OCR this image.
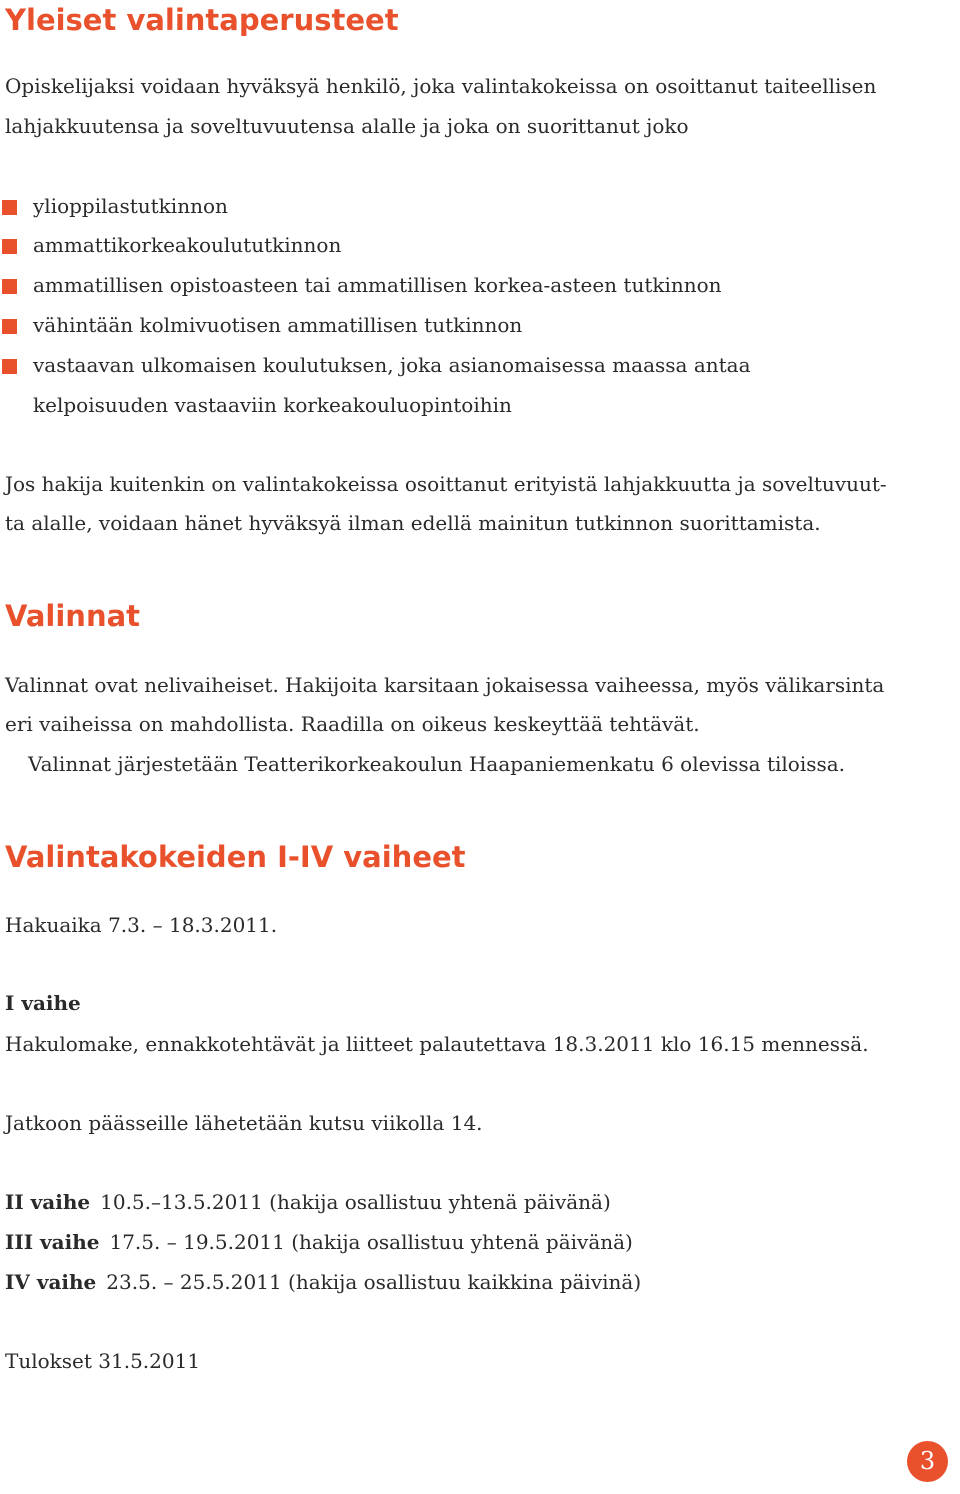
Yleiset valintaperusteet

Opiskelijaksi voidaan hyväksyä henkilö, joka valintakokeissa on osoittanut taiteellisen

lahjakkuutensa ja soveltuvuutensa alalle ja joka on suorittanut joko

ylioppilastutkinnon
ammattikorkeakoulututkinnon
ammatillisen opistoasteen tai ammatillisen korkea-asteen tutkinnon
vähintään kolmivuotisen ammatillisen tutkinnon
vastaavan ulkomaisen koulutuksen, joka asianomaisessa maassa antaa

kelpoisuuden vastaaviin korkeakouluopintoihin

Jos hakija kuitenkin on valintakokeissa osoittanut erityistä lahjakkuutta ja soveltuvuut-

ta alalle, voidaan hänet hyväksyä ilman edellä mainitun tutkinnon suorittamista.

Valinnat

Valinnat ovat nelivaiheiset. Hakijoita karsitaan jokaisessa vaiheessa, myös välikarsinta

eri vaiheissa on mahdollista. Raadilla on oikeus keskeyttää tehtävät.

Valinnat järjestetään Teatterikorkeakoulun Haapaniemenkatu 6 olevissa tiloissa.

Valintakokeiden I-IV vaiheet

Hakuaika 7.3. – 18.3.2011.

I vaihe

Hakulomake, ennakkotehtävät ja liitteet palautettava 18.3.2011 klo 16.15 mennessä.

Jatkoon päässeille lähetetään kutsu viikolla 14.

II vaihe 10.5.–13.5.2011 (hakija osallistuu yhtenä päivänä)

III vaihe 17.5. – 19.5.2011 (hakija osallistuu yhtenä päivänä)

IV vaihe 23.5. – 25.5.2011 (hakija osallistuu kaikkina päivinä)

Tulokset 31.5.2011

3
